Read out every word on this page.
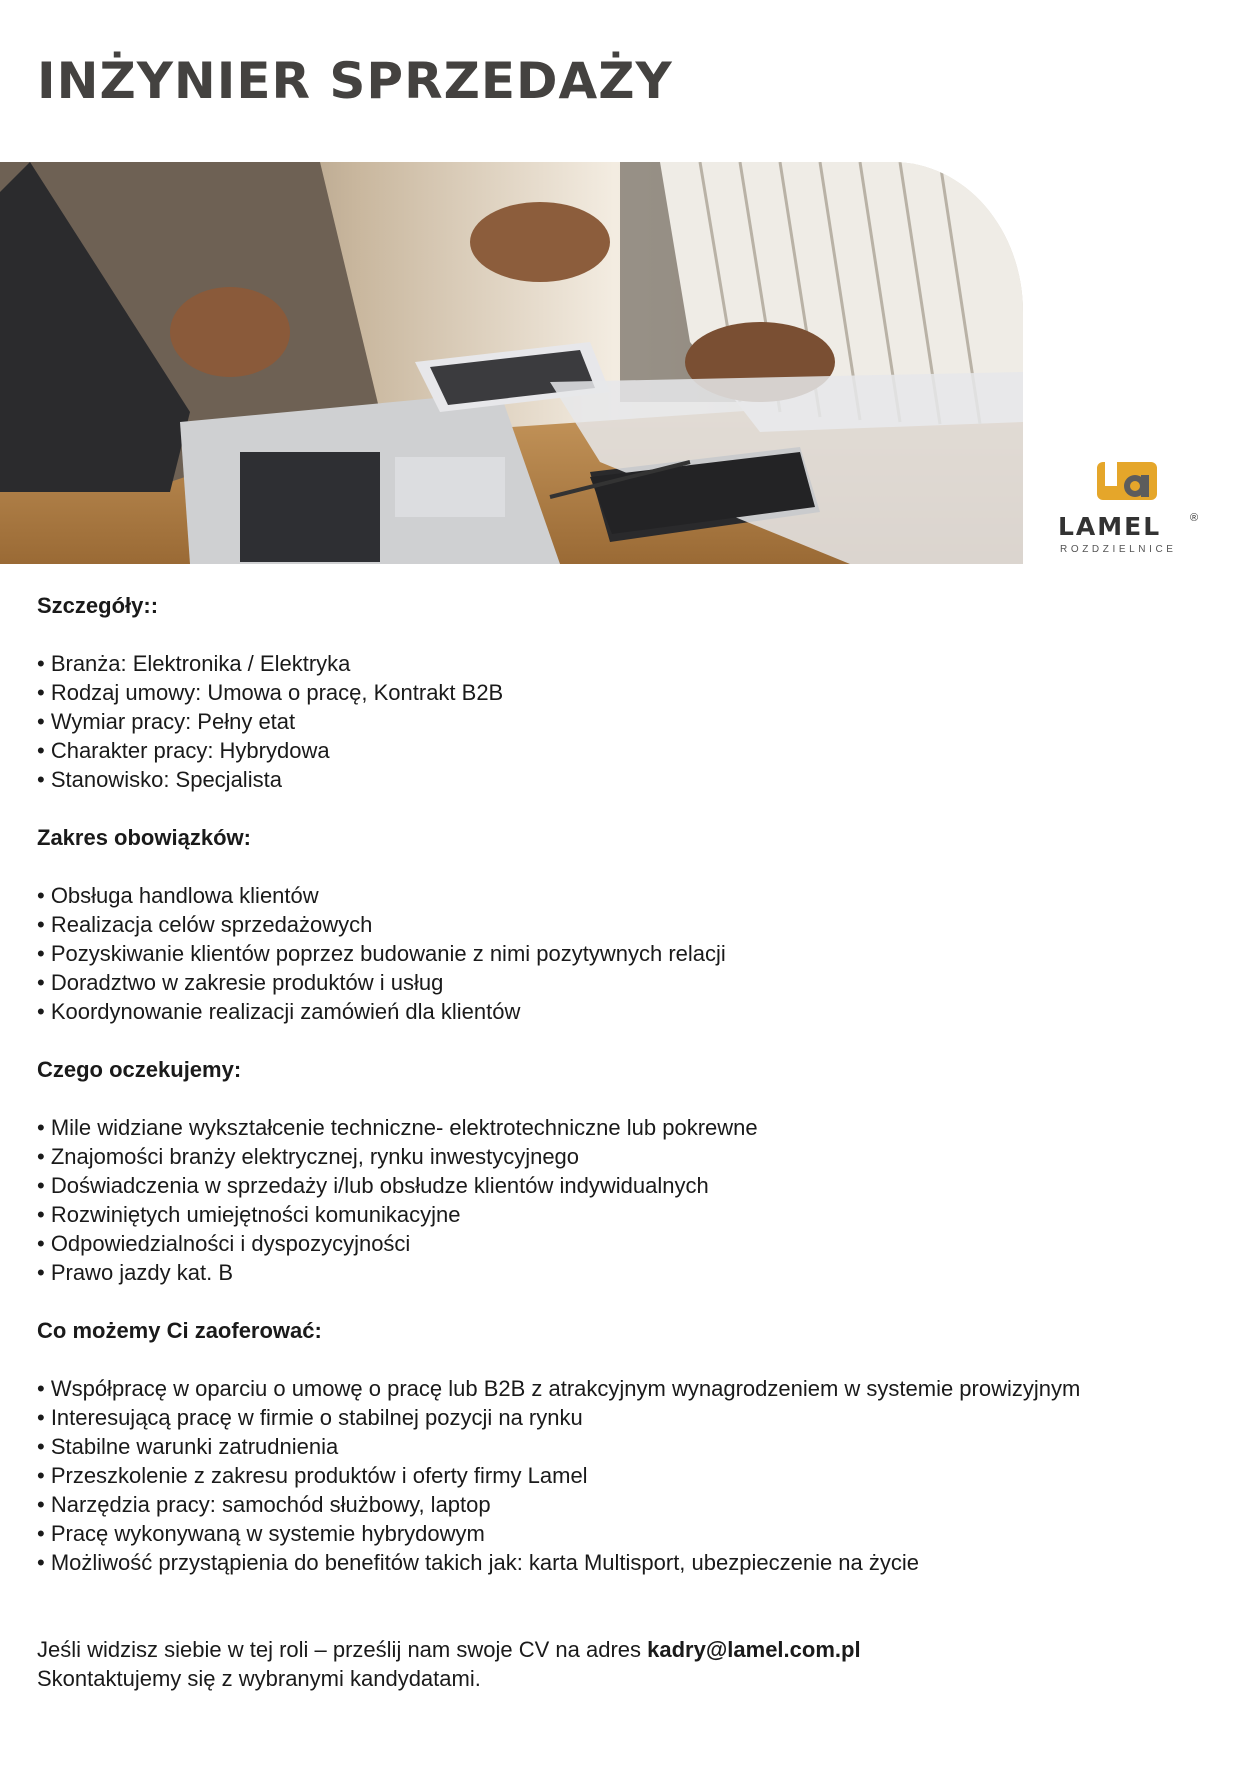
INŻYNIER SPRZEDAŻY
LAMEL	®
ROZDZIELNICE

Szczegóły::

• Branża: Elektronika / Elektryka
• Rodzaj umowy: Umowa o pracę, Kontrakt B2B
• Wymiar pracy: Pełny etat
• Charakter pracy: Hybrydowa
• Stanowisko: Specjalista

Zakres obowiązków:

• Obsługa handlowa klientów
• Realizacja celów sprzedażowych
• Pozyskiwanie klientów poprzez budowanie z nimi pozytywnych relacji
• Doradztwo w zakresie produktów i usług
• Koordynowanie realizacji zamówień dla klientów

Czego oczekujemy:

• Mile widziane wykształcenie techniczne- elektrotechniczne lub pokrewne
• Znajomości branży elektrycznej, rynku inwestycyjnego
• Doświadczenia w sprzedaży i/lub obsłudze klientów indywidualnych
• Rozwiniętych umiejętności komunikacyjne
• Odpowiedzialności i dyspozycyjności
• Prawo jazdy kat. B

Co możemy Ci zaoferować:

• Współpracę w oparciu o umowę o pracę lub B2B z atrakcyjnym wynagrodzeniem w systemie prowizyjnym
• Interesującą pracę w firmie o stabilnej pozycji na rynku
• Stabilne warunki zatrudnienia
• Przeszkolenie z zakresu produktów i oferty firmy Lamel
• Narzędzia pracy: samochód służbowy, laptop
• Pracę wykonywaną w systemie hybrydowym
• Możliwość przystąpienia do benefitów takich jak: karta Multisport, ubezpieczenie na życie

Jeśli widzisz siebie w tej roli – prześlij nam swoje CV na adres kadry@lamel.com.pl

Skontaktujemy się z wybranymi kandydatami.
